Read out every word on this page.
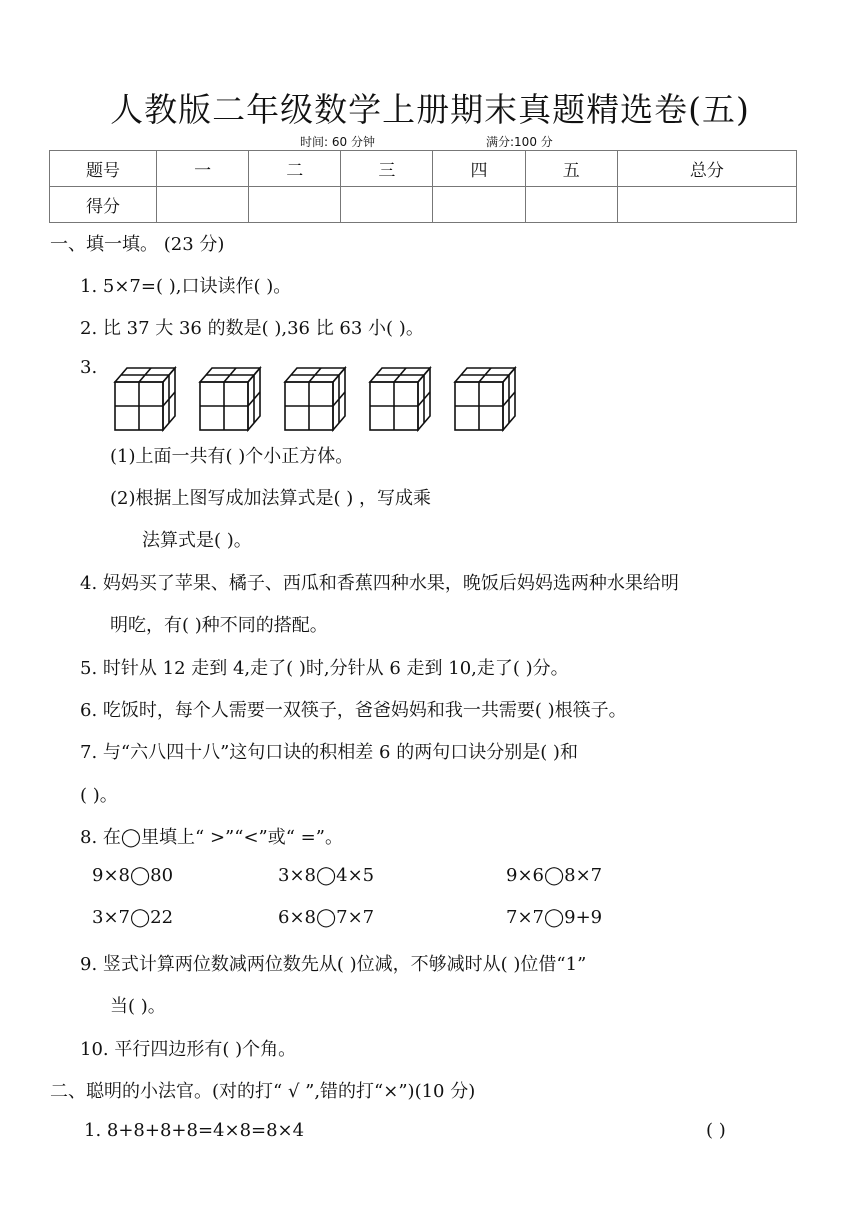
人教版二年级数学上册期末真题精选卷(五)
时间: 60 分钟	满分:100 分
题号	一	二	三	四	五	总分
得分						
一、填一填。 (23 分)
1. 5×7=( ),口诀读作( )。
2. 比 37 大 36 的数是( ),36 比 63 小( )。
3.
(1)上面一共有( )个小正方体。
(2)根据上图写成加法算式是( ) ，写成乘
法算式是( )。
4. 妈妈买了苹果、橘子、西瓜和香蕉四种水果，晚饭后妈妈选两种水果给明
明吃，有( )种不同的搭配。
5. 时针从 12 走到 4,走了( )时,分针从 6 走到 10,走了( )分。
6. 吃饭时，每个人需要一双筷子，爸爸妈妈和我一共需要( )根筷子。
7. 与“六八四十八”这句口诀的积相差 6 的两句口诀分别是( )和
( )。
8. 在◯里填上“ >”“<”或“ =”。
9×8◯80	3×8◯4×5	9×6◯8×7
3×7◯22	6×8◯7×7	7×7◯9+9
9. 竖式计算两位数减两位数先从( )位减，不够减时从( )位借“1”
当( )。
10. 平行四边形有( )个角。
二、聪明的小法官。(对的打“ √ ”,错的打“×”)(10 分)
1. 8+8+8+8=4×8=8×4	( )
